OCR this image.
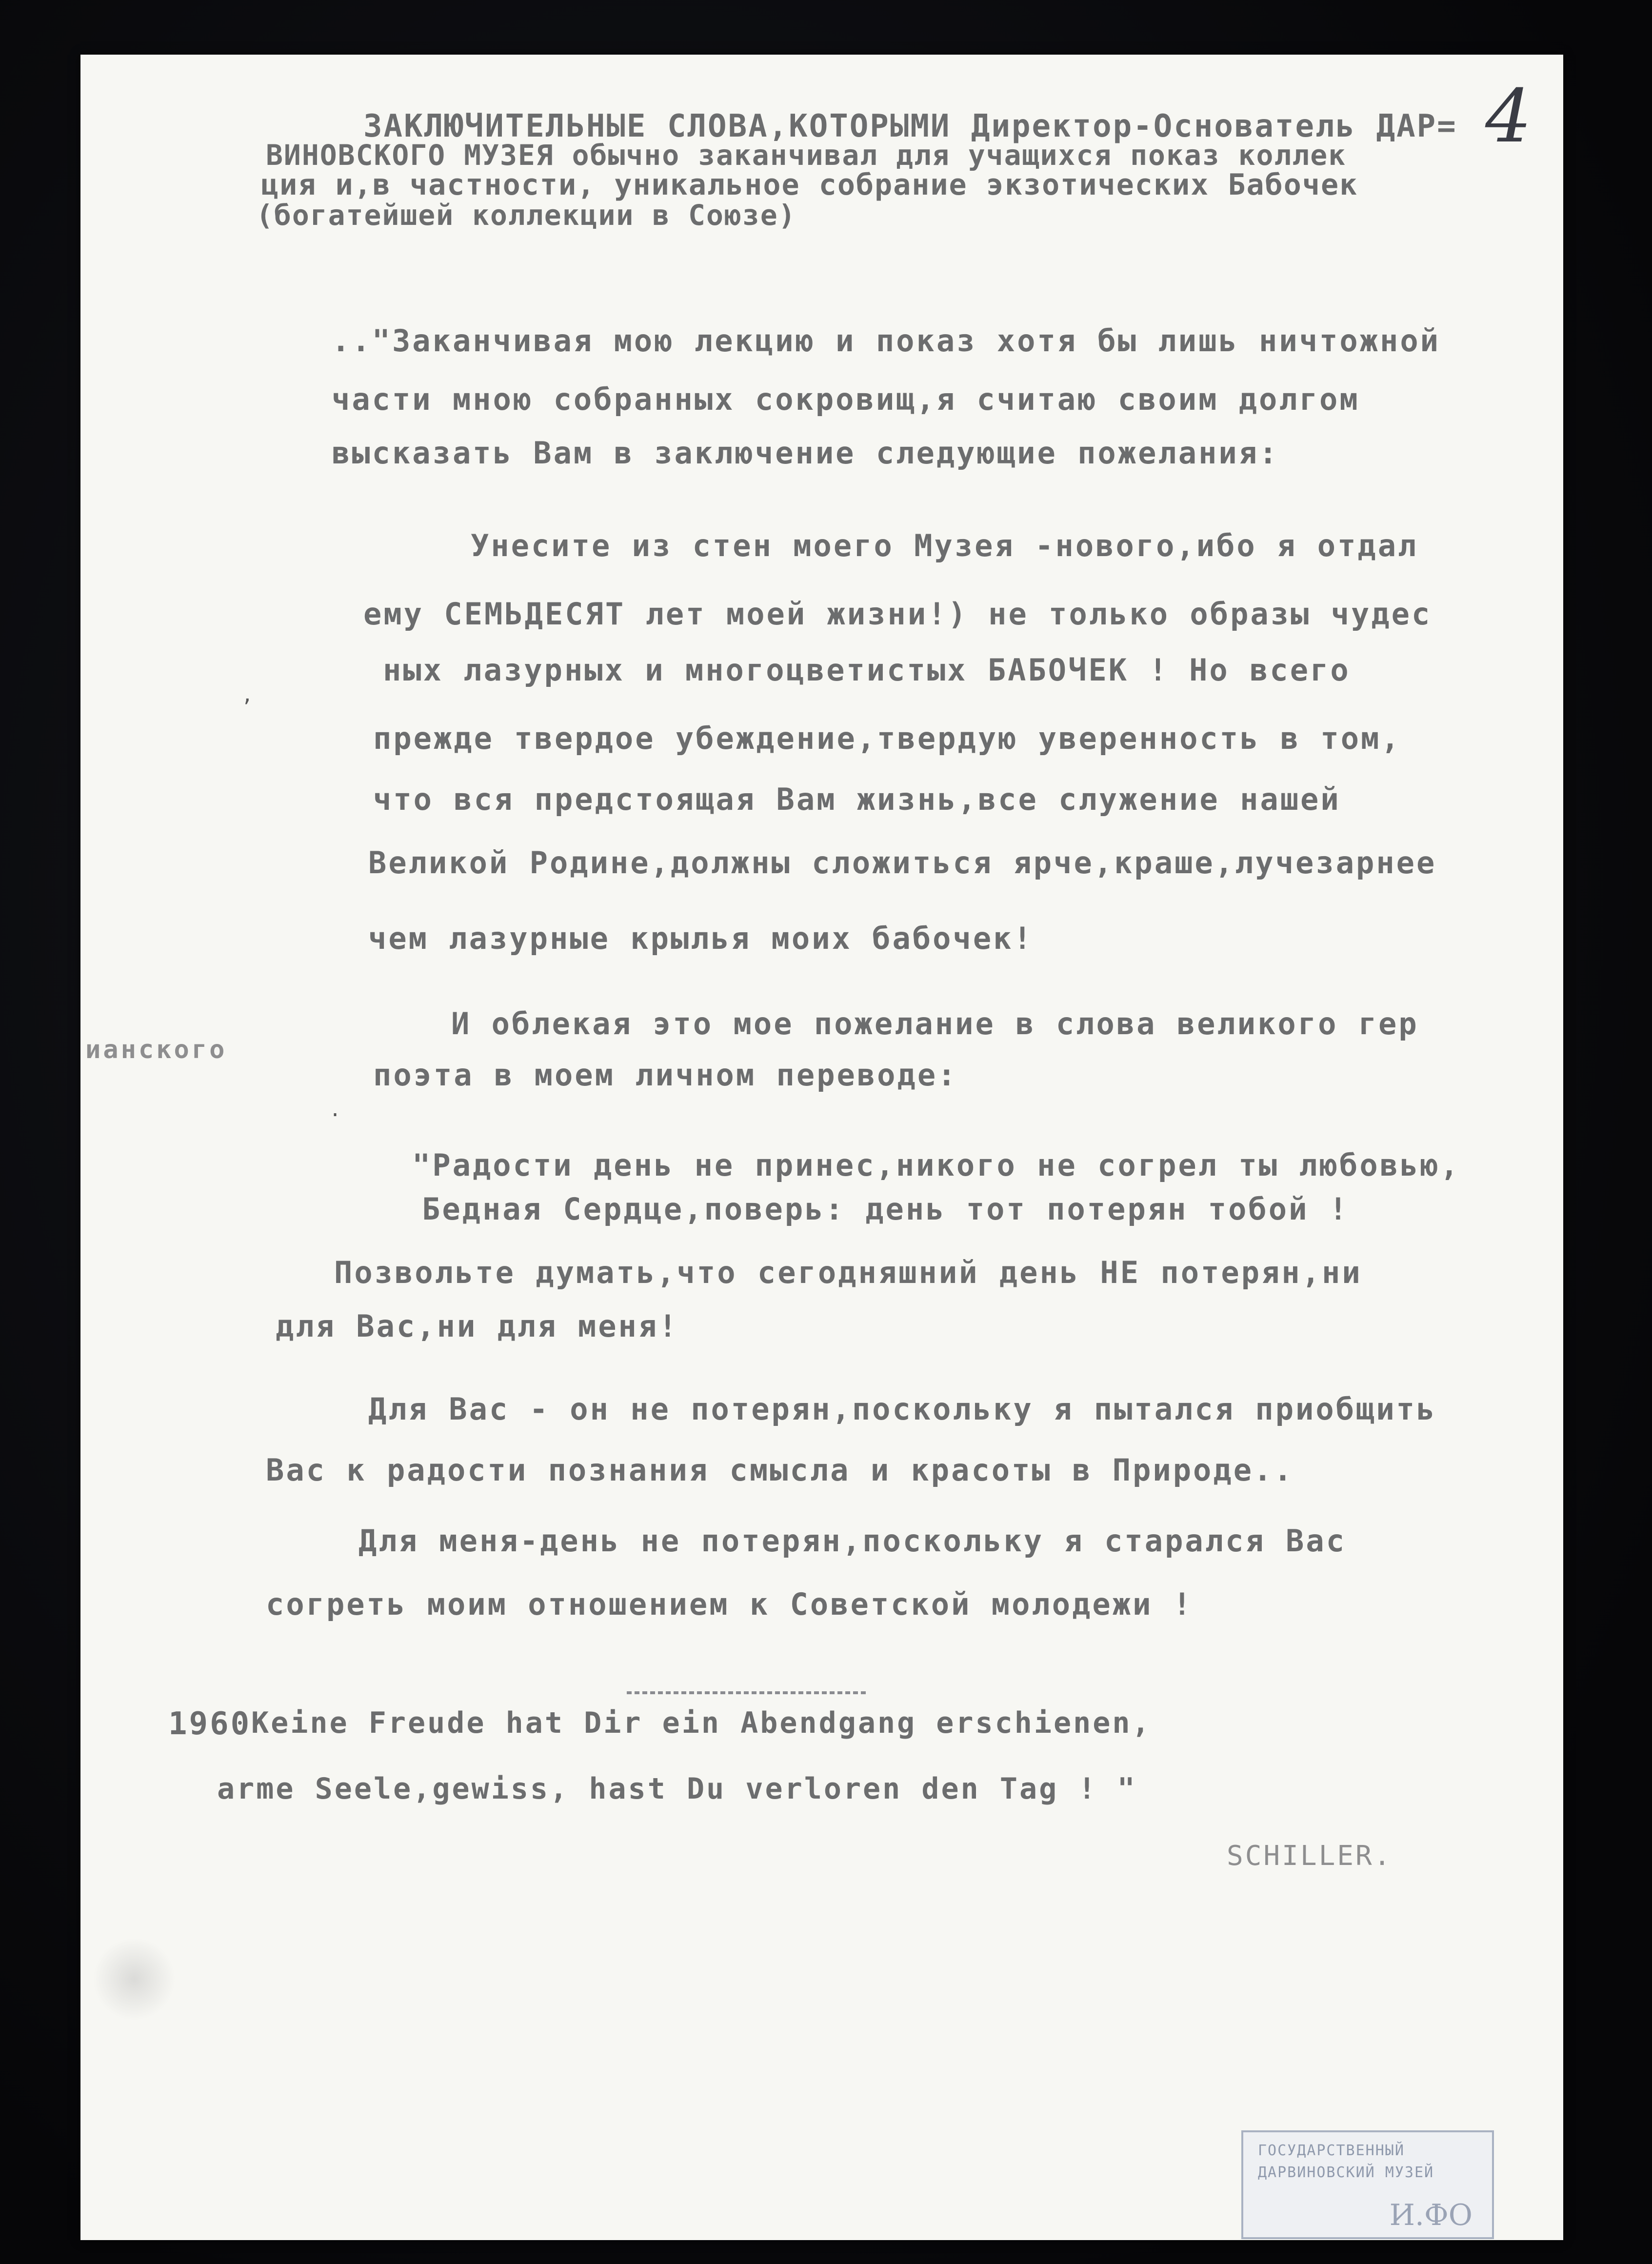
4
ЗАКЛЮЧИТЕЛЬНЫЕ СЛОВА,КОТОРЫМИ Директор-Основатель ДАР=
ВИНОВСКОГО МУЗЕЯ обычно заканчивал для учащихся показ коллек
ция и,в частности, уникальное собрание экзотических Бабочек
(богатейшей коллекции в Союзе)
.."Заканчивая мою лекцию и показ хотя бы лишь ничтожной
части мною собранных сокровищ,я считаю своим долгом
высказать Вам в заключение следующие пожелания:
Унесите из стен моего Музея -нового,ибо я отдал
ему СЕМЬДЕСЯТ лет моей жизни!) не только образы чудес
ных лазурных и многоцветистых БАБОЧЕК ! Но всего
прежде твердое убеждение,твердую уверенность в том,
что вся предстоящая Вам жизнь,все служение нашей
Великой Родине,должны сложиться ярче,краше,лучезарнее
чем лазурные крылья моих бабочек!
И облекая это мое пожелание в слова великого гер
ианского
поэта в моем личном переводе:
"Радости день не принес,никого не согрел ты любовью,
Бедная Сердце,поверь: день тот потерян тобой !
Позвольте думать,что сегодняшний день НЕ потерян,ни
для Вас,ни для меня!
Для Вас - он не потерян,поскольку я пытался приобщить
Вас к радости познания смысла и красоты в Природе..
Для меня-день не потерян,поскольку я старался Вас
согреть моим отношением к Советской молодежи !
1960 Keine Freude hat Dir ein Abendgang erschienen,
arme Seele,gewiss, hast Du verloren den Tag ! "
SCHILLER.
,
.
ГОСУДАРСТВЕННЫЙ
ДАРВИНОВСКИЙ МУЗЕЙ
И.ФО
